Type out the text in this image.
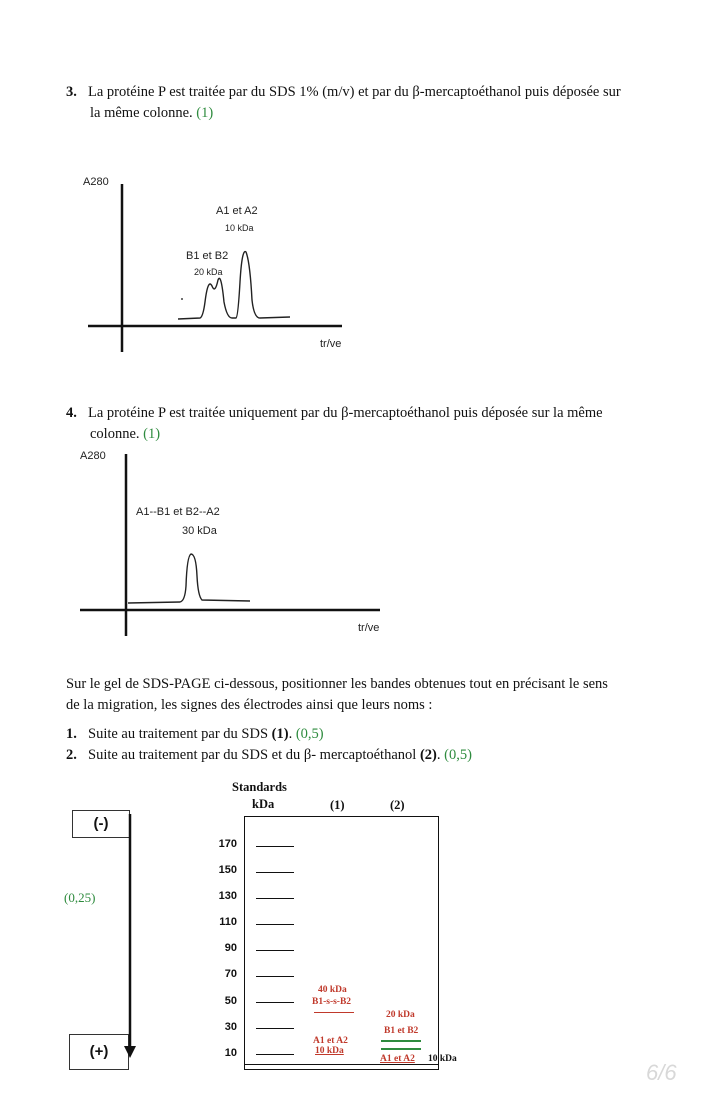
3. La protéine P est traitée par du SDS 1% (m/v) et par du β-mercaptoéthanol puis déposée sur

la même colonne. (1)
A280
A1 et A2
10 kDa
B1 et B2
20 kDa
tr/ve
4. La protéine P est traitée uniquement par du β-mercaptoéthanol puis déposée sur la même

colonne. (1)
A280
A1--B1 et B2--A2
30 kDa
tr/ve
Sur le gel de SDS-PAGE ci-dessous, positionner les bandes obtenues tout en précisant le sens
de la migration, les signes des électrodes ainsi que leurs noms :
1. Suite au traitement par du SDS (1). (0,5)
2. Suite au traitement par du SDS et du β- mercaptoéthanol (2). (0,5)
Standards
kDa	(1)	(2)
(-)
(+)
(0,25)
170
150
130
110
90
70
50
30
10
40 kDa
B1-s-s-B2
A1 et A2
10 kDa
20 kDa
B1 et B2
A1 et A2 10 kDa
6/6
